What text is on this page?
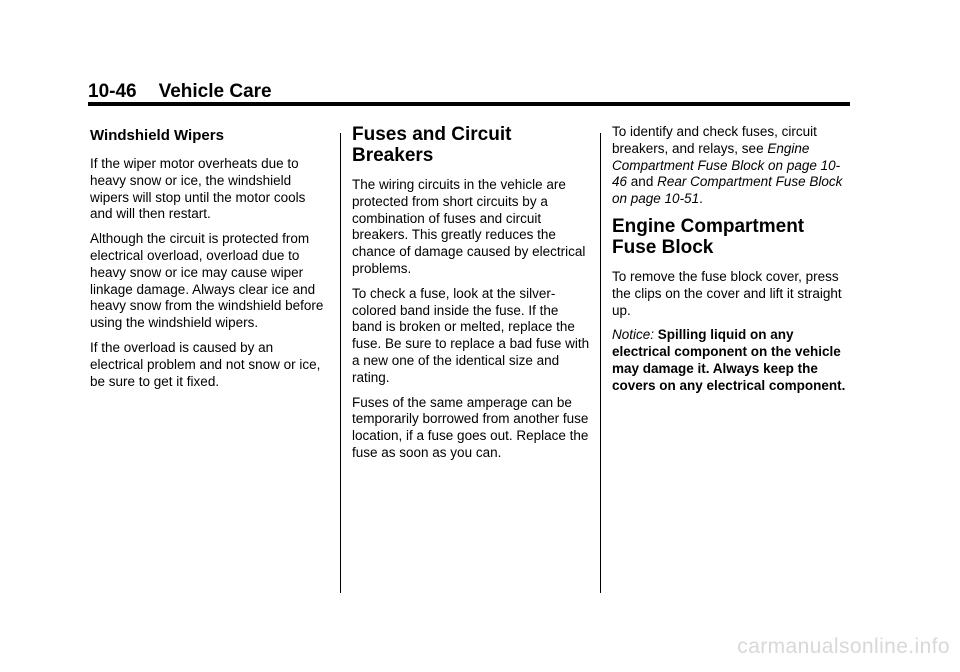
10-46 Vehicle Care
Windshield Wipers

If the wiper motor overheats due to heavy snow or ice, the windshield wipers will stop until the motor cools and will then restart.

Although the circuit is protected from electrical overload, overload due to heavy snow or ice may cause wiper linkage damage. Always clear ice and heavy snow from the windshield before using the windshield wipers.

If the overload is caused by an electrical problem and not snow or ice, be sure to get it fixed.

Fuses and Circuit Breakers

The wiring circuits in the vehicle are protected from short circuits by a combination of fuses and circuit breakers. This greatly reduces the chance of damage caused by electrical problems.

To check a fuse, look at the silver-colored band inside the fuse. If the band is broken or melted, replace the fuse. Be sure to replace a bad fuse with a new one of the identical size and rating.

Fuses of the same amperage can be temporarily borrowed from another fuse location, if a fuse goes out. Replace the fuse as soon as you can.

To identify and check fuses, circuit breakers, and relays, see Engine Compartment Fuse Block on page 10-46 and Rear Compartment Fuse Block on page 10-51.

Engine Compartment Fuse Block

To remove the fuse block cover, press the clips on the cover and lift it straight up.

Notice: Spilling liquid on any electrical component on the vehicle may damage it. Always keep the covers on any electrical component.

carmanualsonline.info
